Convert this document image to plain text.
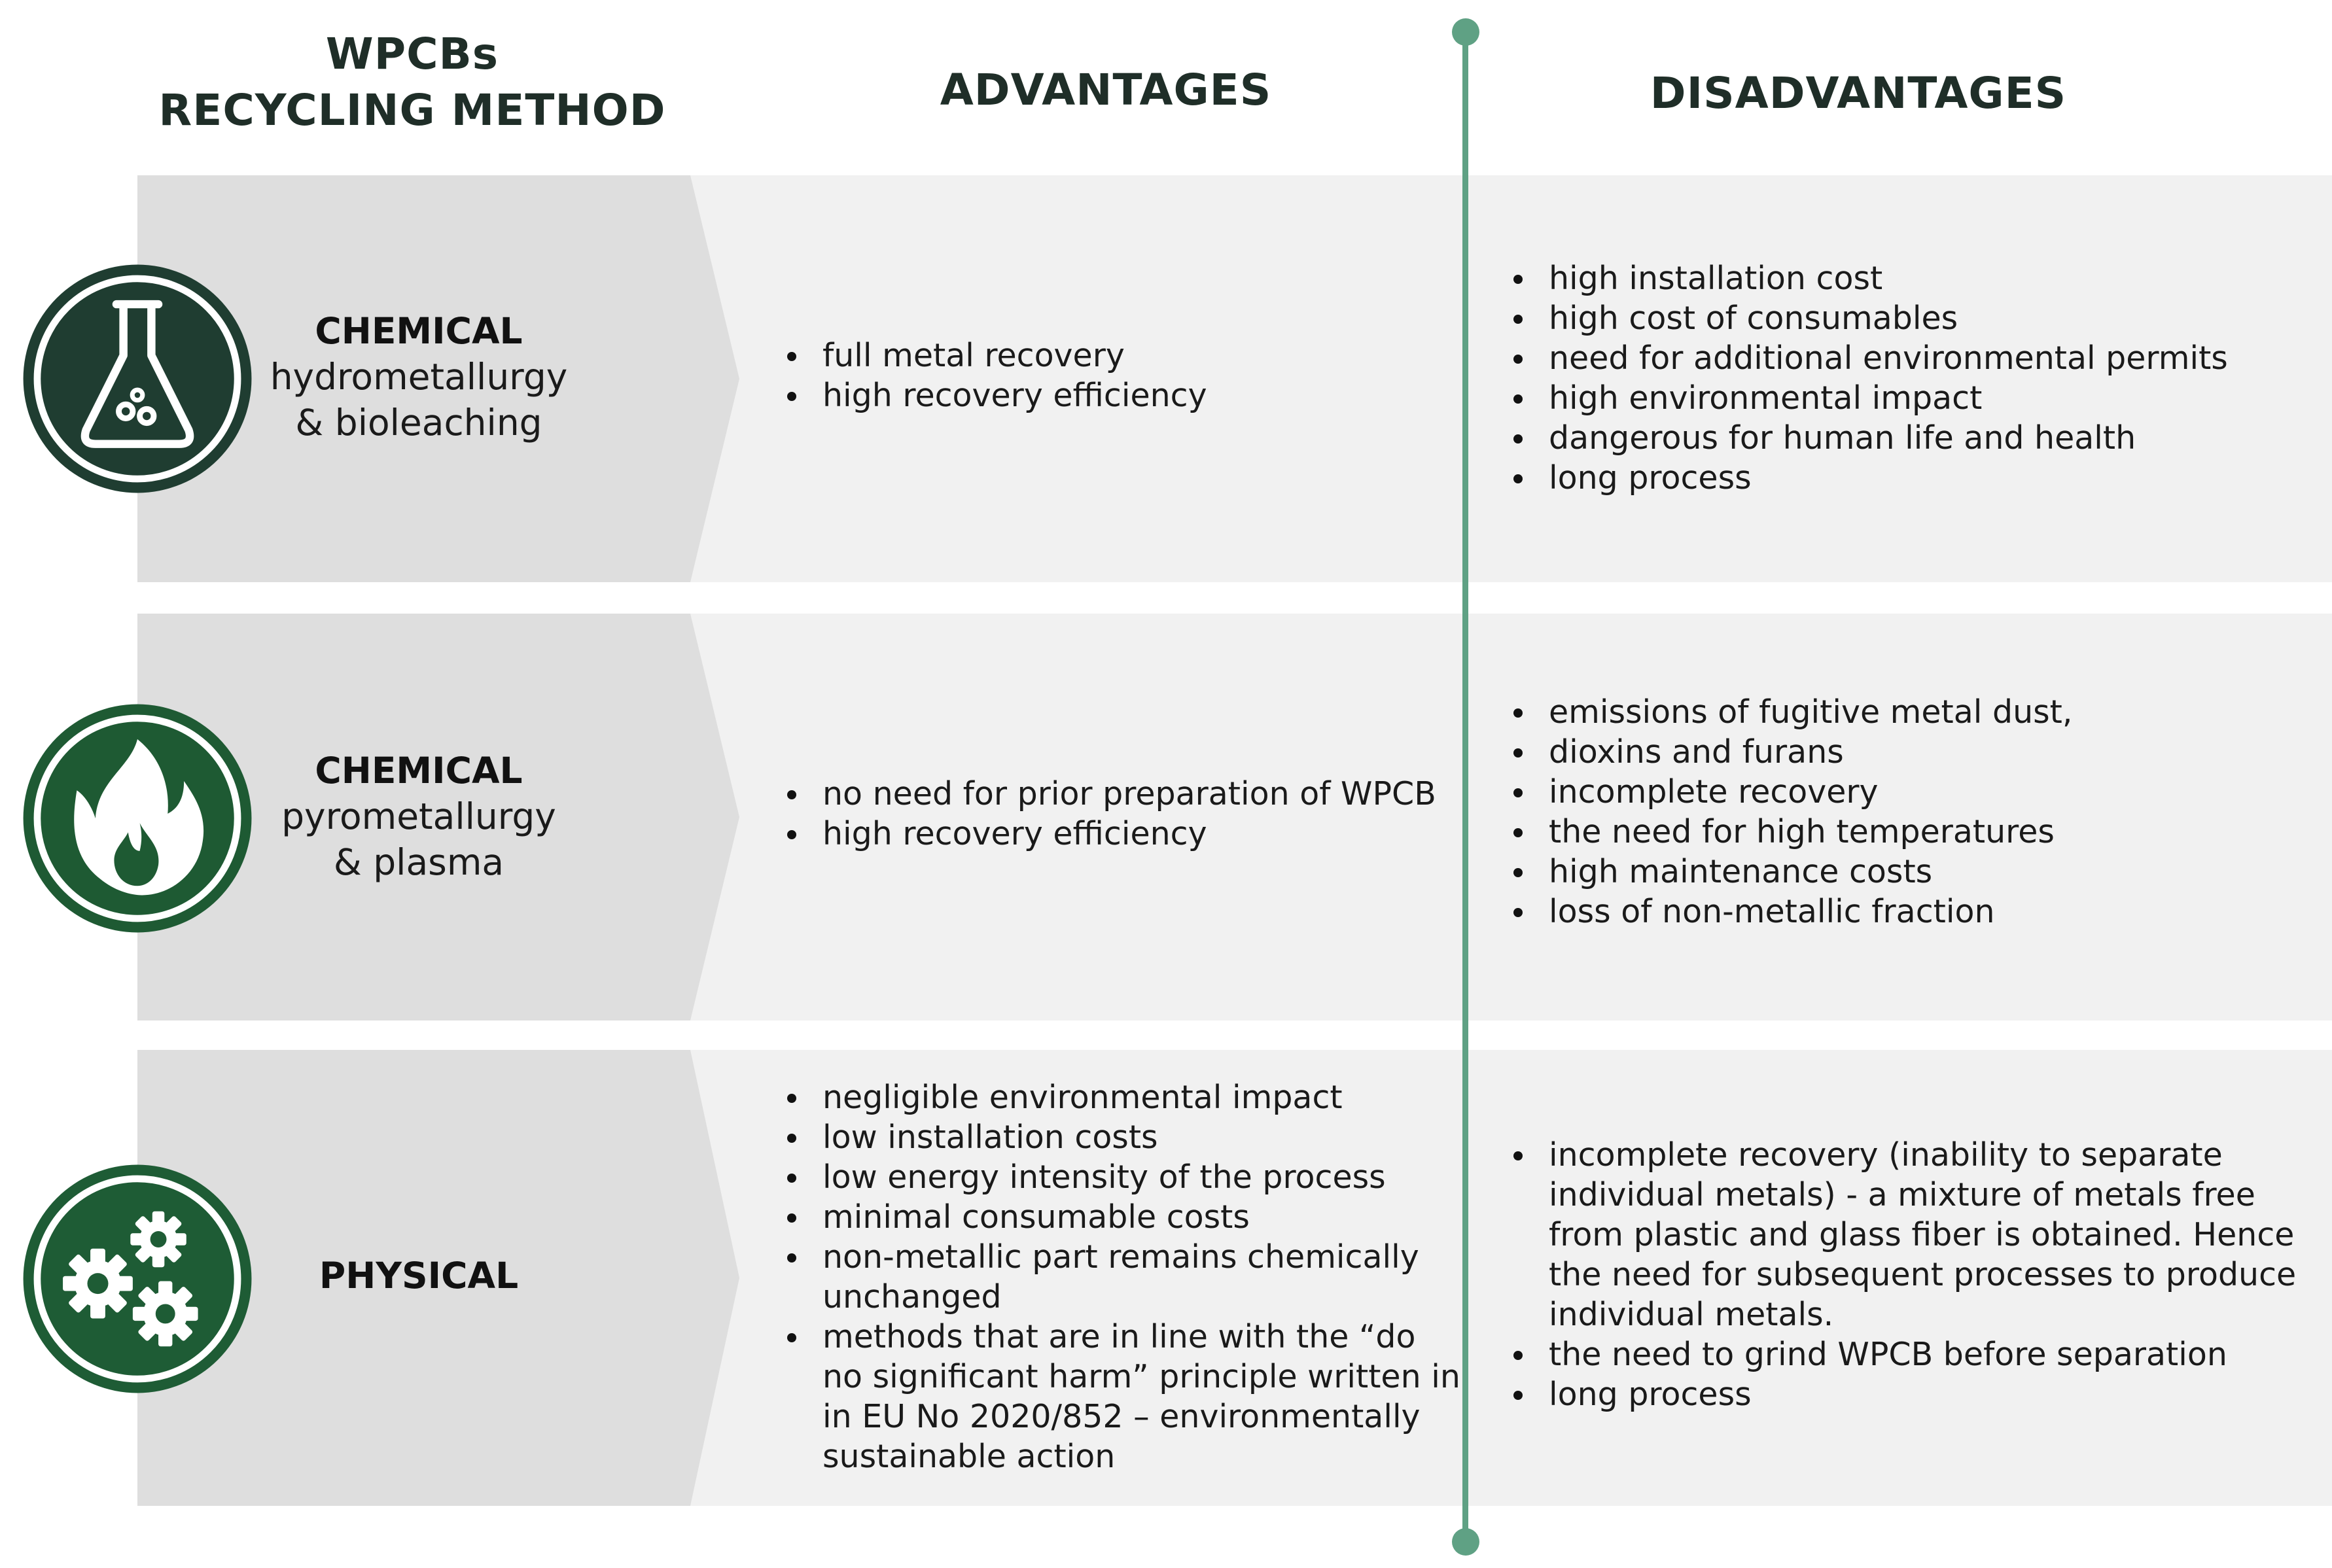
WPCBs
RECYCLING METHOD	ADVANTAGES	DISADVANTAGES
CHEMICAL
hydrometallurgy
& bioleaching
full metal recovery
high recovery efficiency
high installation cost
high cost of consumables
need for additional environmental permits
high environmental impact
dangerous for human life and health
long process
CHEMICAL
pyrometallurgy
& plasma
no need for prior preparation of WPCB
high recovery efficiency
emissions of fugitive metal dust,
dioxins and furans
incomplete recovery
the need for high temperatures
high maintenance costs
loss of non-metallic fraction
PHYSICAL
negligible environmental impact
low installation costs
low energy intensity of the process
minimal consumable costs
non-metallic part remains chemically unchanged
methods that are in line with the “do no significant harm” principle written in in EU No 2020/852 – environmentally sustainable action
incomplete recovery (inability to separate individual metals) - a mixture of metals free from plastic and glass fiber is obtained. Hence the need for subsequent processes to produce individual metals.
the need to grind WPCB before separation
long process
